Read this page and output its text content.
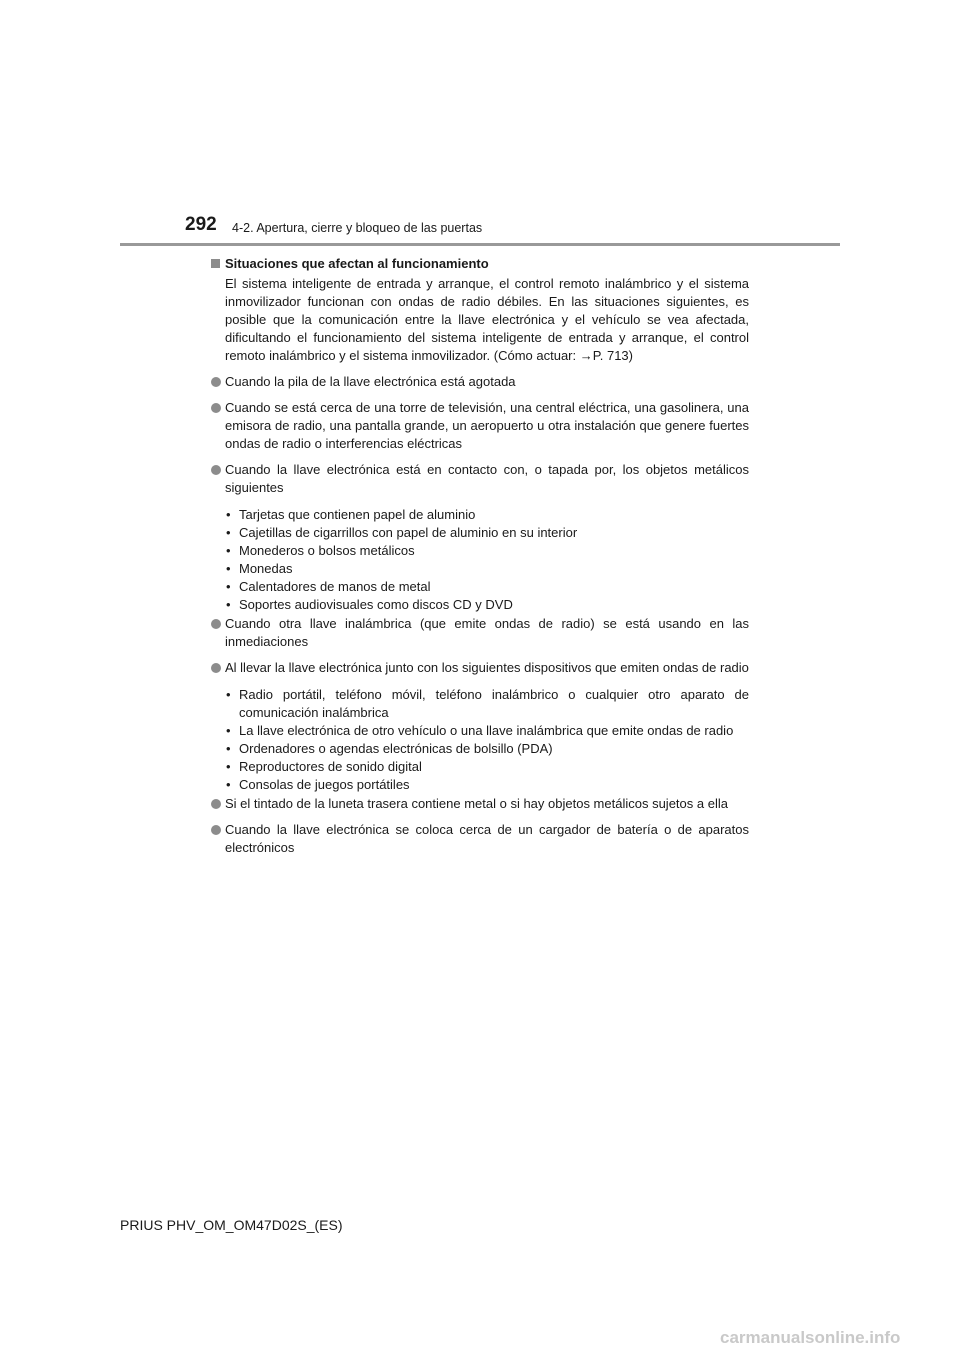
292 4-2. Apertura, cierre y bloqueo de las puertas
Situaciones que afectan al funcionamiento

El sistema inteligente de entrada y arranque, el control remoto inalámbrico y el sistema inmovilizador funcionan con ondas de radio débiles. En las situaciones siguientes, es posible que la comunicación entre la llave electrónica y el vehículo se vea afectada, dificultando el funcionamiento del sistema inteligente de entrada y arranque, el control remoto inalámbrico y el sistema inmovilizador. (Cómo actuar: →P. 713)

Cuando la pila de la llave electrónica está agotada
Cuando se está cerca de una torre de televisión, una central eléctrica, una gasolinera, una emisora de radio, una pantalla grande, un aeropuerto u otra instalación que genere fuertes ondas de radio o interferencias eléctricas
Cuando la llave electrónica está en contacto con, o tapada por, los objetos metálicos siguientes
• Tarjetas que contienen papel de aluminio
• Cajetillas de cigarrillos con papel de aluminio en su interior
• Monederos o bolsos metálicos
• Monedas
• Calentadores de manos de metal
• Soportes audiovisuales como discos CD y DVD
Cuando otra llave inalámbrica (que emite ondas de radio) se está usando en las inmediaciones
Al llevar la llave electrónica junto con los siguientes dispositivos que emiten ondas de radio
• Radio portátil, teléfono móvil, teléfono inalámbrico o cualquier otro aparato de comunicación inalámbrica
• La llave electrónica de otro vehículo o una llave inalámbrica que emite ondas de radio
• Ordenadores o agendas electrónicas de bolsillo (PDA)
• Reproductores de sonido digital
• Consolas de juegos portátiles
Si el tintado de la luneta trasera contiene metal o si hay objetos metálicos sujetos a ella
Cuando la llave electrónica se coloca cerca de un cargador de batería o de aparatos electrónicos
PRIUS PHV_OM_OM47D02S_(ES)
carmanualsonline.info
